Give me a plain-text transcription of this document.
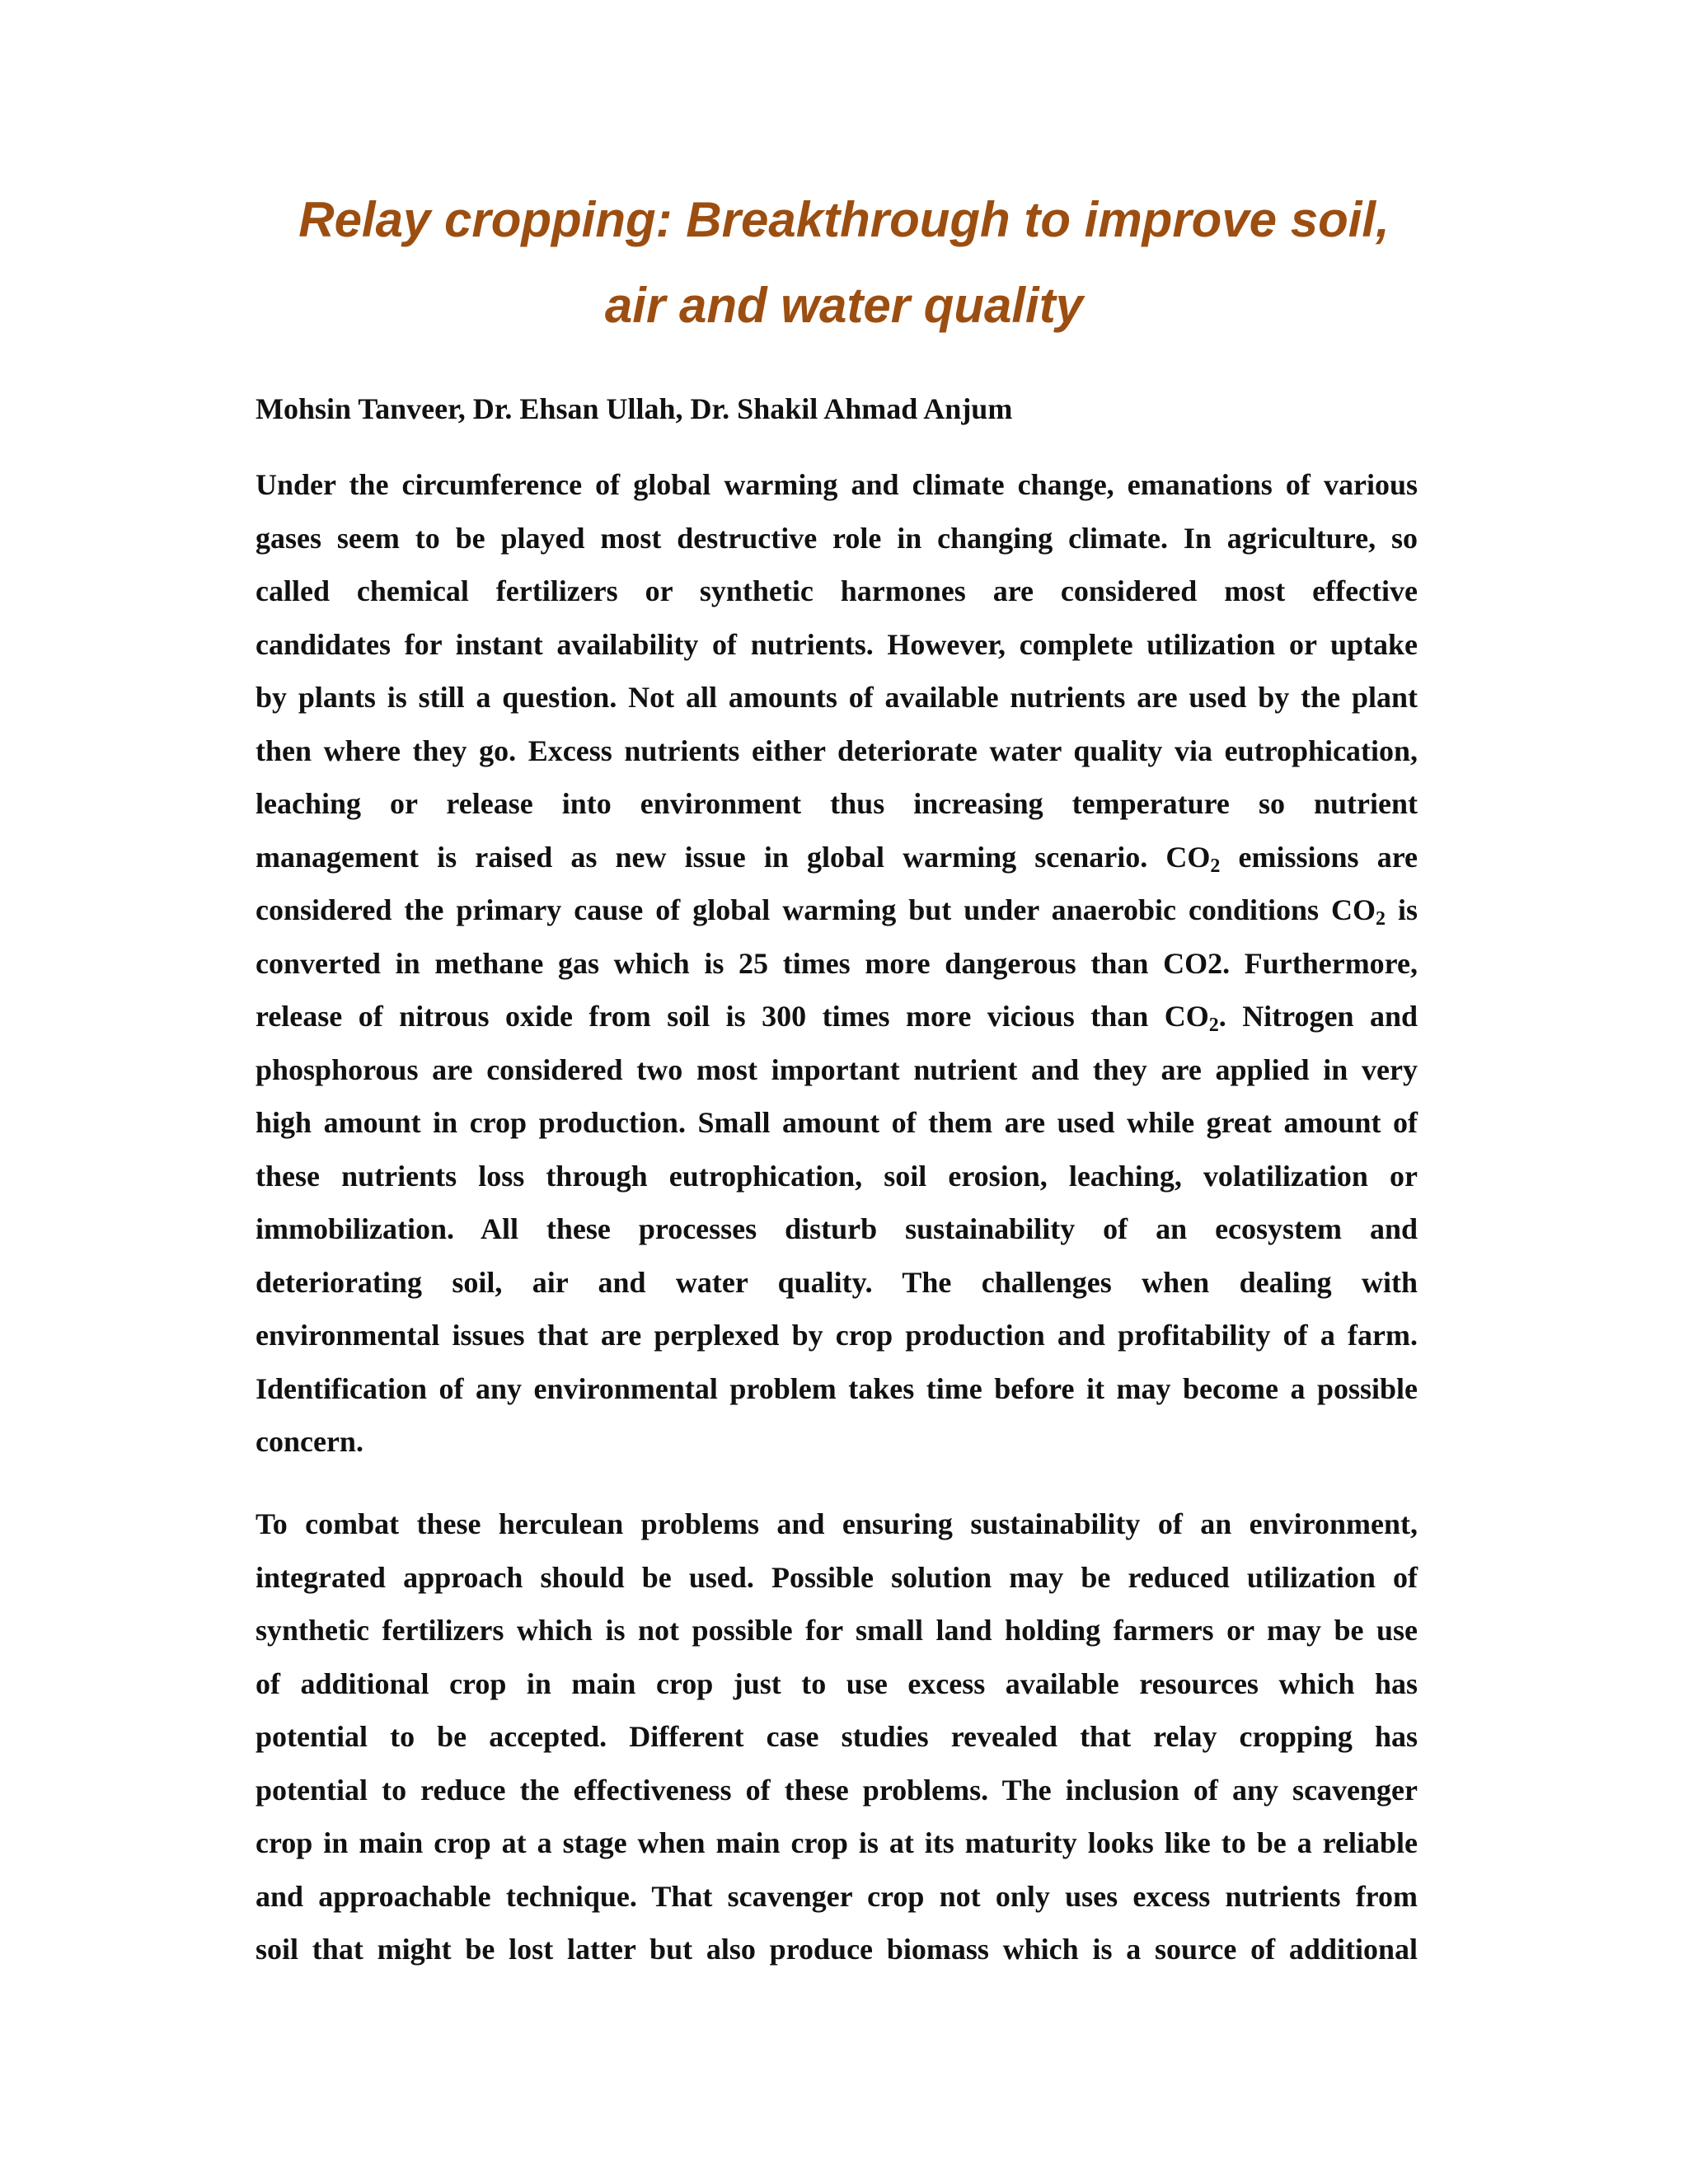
Relay cropping: Breakthrough to improve soil,
air and water quality

Mohsin Tanveer, Dr. Ehsan Ullah, Dr. Shakil Ahmad Anjum

Under the circumference of global warming and climate change, emanations of various
gases seem to be played most destructive role in changing climate. In agriculture, so
called chemical fertilizers or synthetic harmones are considered most effective
candidates for instant availability of nutrients. However, complete utilization or uptake
by plants is still a question. Not all amounts of available nutrients are used by the plant
then where they go. Excess nutrients either deteriorate water quality via eutrophication,
leaching or release into environment thus increasing temperature so nutrient
management is raised as new issue in global warming scenario. $CO_2$ emissions are
considered the primary cause of global warming but under anaerobic conditions $CO_2$ is
converted in methane gas which is 25 times more dangerous than CO2. Furthermore,
release of nitrous oxide from soil is 300 times more vicious than $CO_2$. Nitrogen and
phosphorous are considered two most important nutrient and they are applied in very
high amount in crop production. Small amount of them are used while great amount of
these nutrients loss through eutrophication, soil erosion, leaching, volatilization or
immobilization. All these processes disturb sustainability of an ecosystem and
deteriorating soil, air and water quality. The challenges when dealing with
environmental issues that are perplexed by crop production and profitability of a farm.
Identification of any environmental problem takes time before it may become a possible
concern.
To combat these herculean problems and ensuring sustainability of an environment,
integrated approach should be used. Possible solution may be reduced utilization of
synthetic fertilizers which is not possible for small land holding farmers or may be use
of additional crop in main crop just to use excess available resources which has
potential to be accepted. Different case studies revealed that relay cropping has
potential to reduce the effectiveness of these problems. The inclusion of any scavenger
crop in main crop at a stage when main crop is at its maturity looks like to be a reliable
and approachable technique. That scavenger crop not only uses excess nutrients from
soil that might be lost latter but also produce biomass which is a source of additional
